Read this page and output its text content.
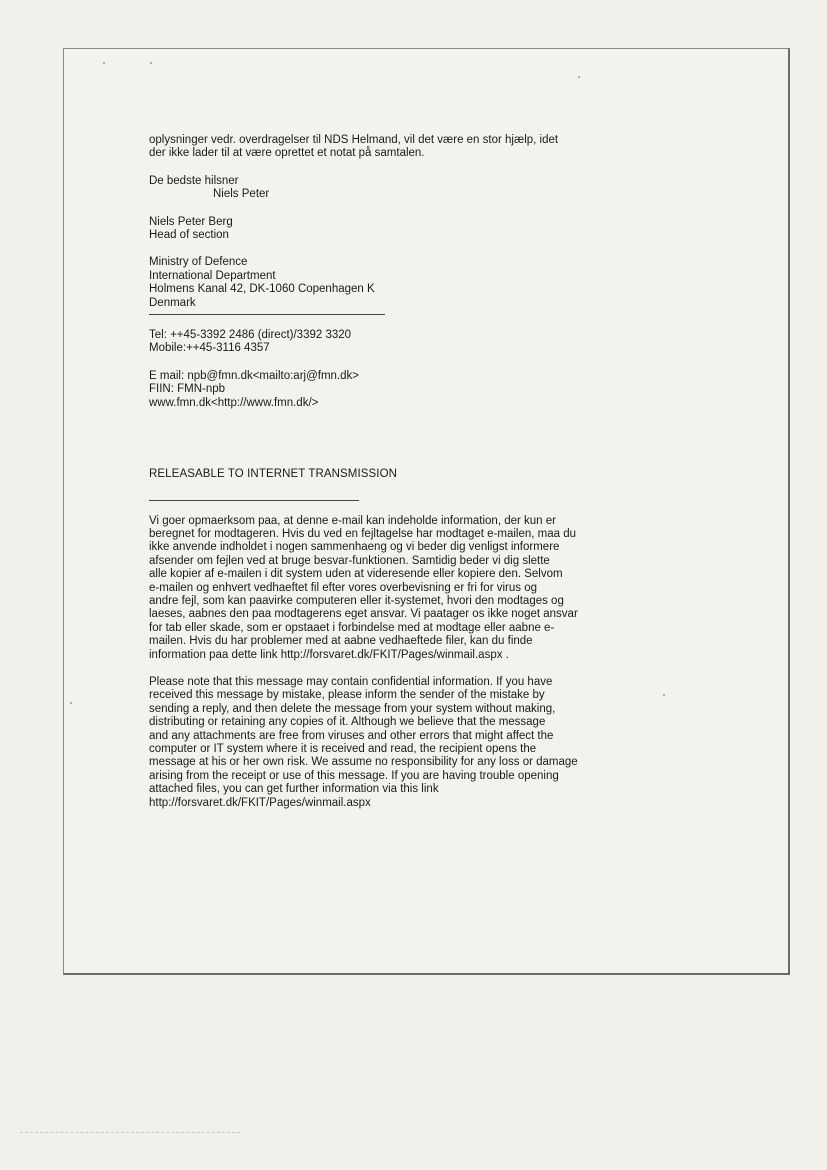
oplysninger vedr. overdragelser til NDS Helmand, vil det være en stor hjælp, idet
der ikke lader til at være oprettet et notat på samtalen.
De bedste hilsner
Niels Peter
Niels Peter Berg
Head of section
Ministry of Defence
International Department
Holmens Kanal 42, DK-1060 Copenhagen K
Denmark
Tel: ++45-3392 2486 (direct)/3392 3320
Mobile:++45-3116 4357
E mail: npb@fmn.dk<mailto:arj@fmn.dk>
FIIN: FMN-npb
www.fmn.dk<http://www.fmn.dk/>
RELEASABLE TO INTERNET TRANSMISSION
Vi goer opmaerksom paa, at denne e-mail kan indeholde information, der kun er
beregnet for modtageren. Hvis du ved en fejltagelse har modtaget e-mailen, maa du
ikke anvende indholdet i nogen sammenhaeng og vi beder dig venligst informere
afsender om fejlen ved at bruge besvar-funktionen. Samtidig beder vi dig slette
alle kopier af e-mailen i dit system uden at videresende eller kopiere den. Selvom
e-mailen og enhvert vedhaeftet fil efter vores overbevisning er fri for virus og
andre fejl, som kan paavirke computeren eller it-systemet, hvori den modtages og
laeses, aabnes den paa modtagerens eget ansvar. Vi paatager os ikke noget ansvar
for tab eller skade, som er opstaaet i forbindelse med at modtage eller aabne e-
mailen. Hvis du har problemer med at aabne vedhaeftede filer, kan du finde
information paa dette link http://forsvaret.dk/FKIT/Pages/winmail.aspx .
Please note that this message may contain confidential information. If you have
received this message by mistake, please inform the sender of the mistake by
sending a reply, and then delete the message from your system without making,
distributing or retaining any copies of it. Although we believe that the message
and any attachments are free from viruses and other errors that might affect the
computer or IT system where it is received and read, the recipient opens the
message at his or her own risk. We assume no responsibility for any loss or damage
arising from the receipt or use of this message. If you are having trouble opening
attached files, you can get further information via this link
http://forsvaret.dk/FKIT/Pages/winmail.aspx
